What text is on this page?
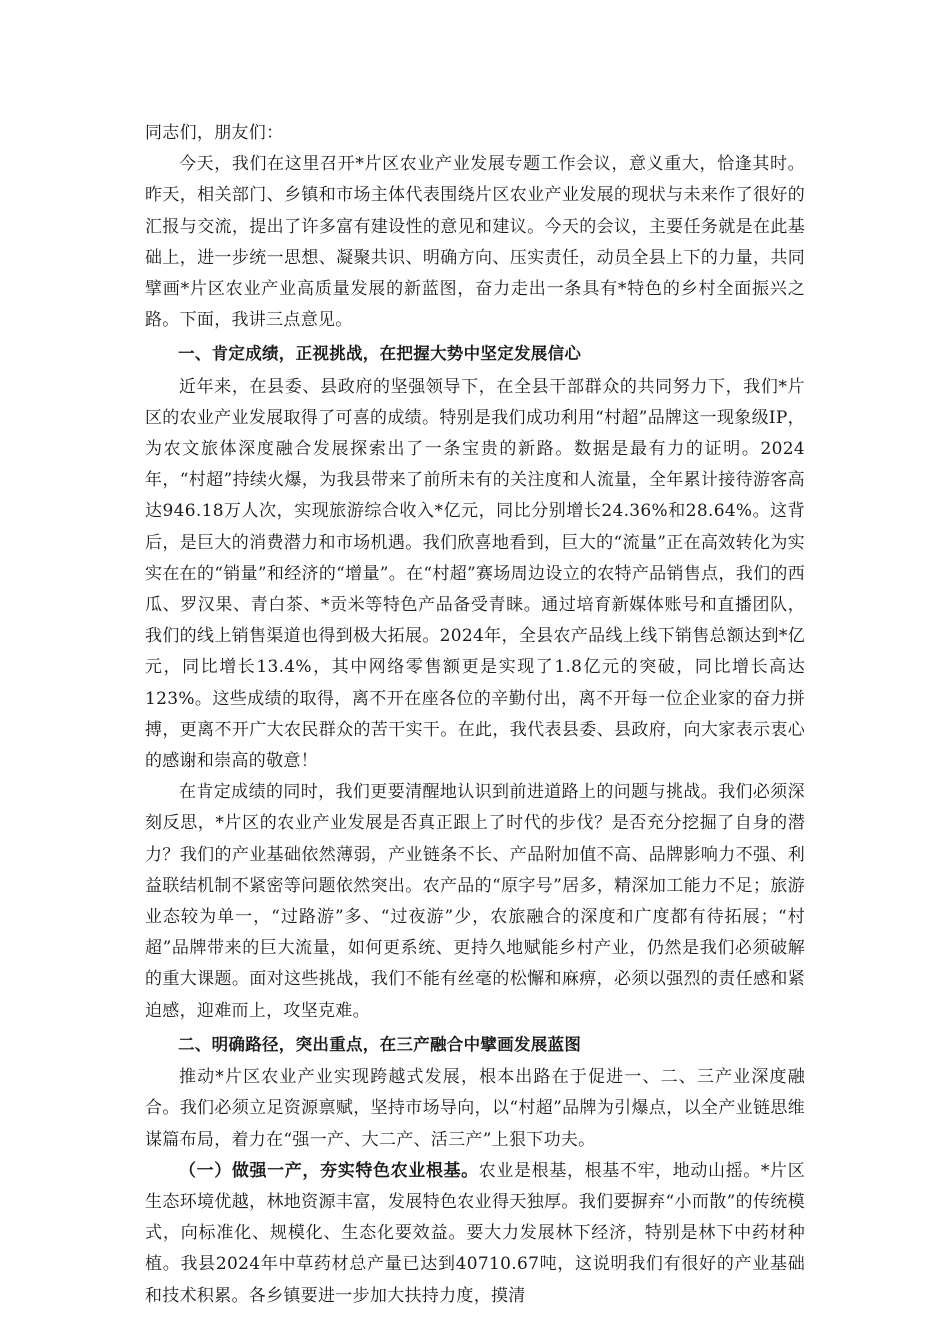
同志们，朋友们：

今天，我们在这里召开*片区农业产业发展专题工作会议，意义重大，恰逢其时。昨天，相关部门、乡镇和市场主体代表围绕片区农业产业发展的现状与未来作了很好的汇报与交流，提出了许多富有建设性的意见和建议。今天的会议，主要任务就是在此基础上，进一步统一思想、凝聚共识、明确方向、压实责任，动员全县上下的力量，共同擘画*片区农业产业高质量发展的新蓝图，奋力走出一条具有*特色的乡村全面振兴之路。下面，我讲三点意见。

一、肯定成绩，正视挑战，在把握大势中坚定发展信心

近年来，在县委、县政府的坚强领导下，在全县干部群众的共同努力下，我们*片区的农业产业发展取得了可喜的成绩。特别是我们成功利用“村超”品牌这一现象级IP，为农文旅体深度融合发展探索出了一条宝贵的新路。数据是最有力的证明。2024年，“村超”持续火爆，为我县带来了前所未有的关注度和人流量，全年累计接待游客高达946.18万人次，实现旅游综合收入*亿元，同比分别增长24.36%和28.64%。这背后，是巨大的消费潜力和市场机遇。我们欣喜地看到，巨大的“流量”正在高效转化为实实在在的“销量”和经济的“增量”。在“村超”赛场周边设立的农特产品销售点，我们的西瓜、罗汉果、青白茶、*贡米等特色产品备受青睐。通过培育新媒体账号和直播团队，我们的线上销售渠道也得到极大拓展。2024年，全县农产品线上线下销售总额达到*亿元，同比增长13.4%，其中网络零售额更是实现了1.8亿元的突破，同比增长高达123%。这些成绩的取得，离不开在座各位的辛勤付出，离不开每一位企业家的奋力拼搏，更离不开广大农民群众的苦干实干。在此，我代表县委、县政府，向大家表示衷心的感谢和崇高的敬意！

在肯定成绩的同时，我们更要清醒地认识到前进道路上的问题与挑战。我们必须深刻反思，*片区的农业产业发展是否真正跟上了时代的步伐？是否充分挖掘了自身的潜力？我们的产业基础依然薄弱，产业链条不长、产品附加值不高、品牌影响力不强、利益联结机制不紧密等问题依然突出。农产品的“原字号”居多，精深加工能力不足；旅游业态较为单一，“过路游”多、“过夜游”少，农旅融合的深度和广度都有待拓展；“村超”品牌带来的巨大流量，如何更系统、更持久地赋能乡村产业，仍然是我们必须破解的重大课题。面对这些挑战，我们不能有丝毫的松懈和麻痹，必须以强烈的责任感和紧迫感，迎难而上，攻坚克难。

二、明确路径，突出重点，在三产融合中擘画发展蓝图

推动*片区农业产业实现跨越式发展，根本出路在于促进一、二、三产业深度融合。我们必须立足资源禀赋，坚持市场导向，以“村超”品牌为引爆点，以全产业链思维谋篇布局，着力在“强一产、大二产、活三产”上狠下功夫。

（一）做强一产，夯实特色农业根基。农业是根基，根基不牢，地动山摇。*片区生态环境优越，林地资源丰富，发展特色农业得天独厚。我们要摒弃“小而散”的传统模式，向标准化、规模化、生态化要效益。要大力发展林下经济，特别是林下中药材种植。我县2024年中草药材总产量已达到40710.67吨，这说明我们有很好的产业基础和技术积累。各乡镇要进一步加大扶持力度，摸清
